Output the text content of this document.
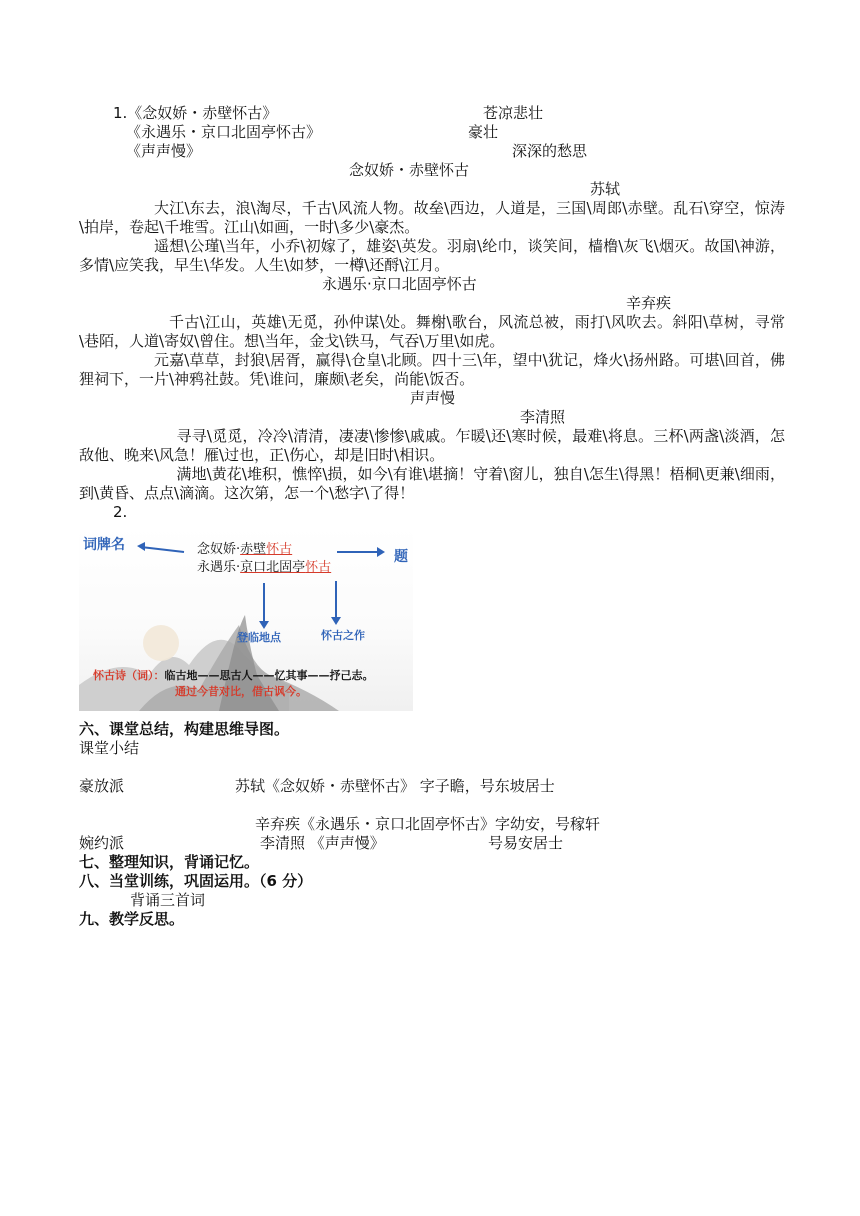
1.《念奴娇・赤壁怀古》	苍凉悲壮
《永遇乐・京口北固亭怀古》	豪壮
《声声慢》	深深的愁思
念奴娇・赤壁怀古
苏轼
大江\东去，浪\淘尽，千古\风流人物。故垒\西边，人道是，三国\周郎\赤壁。乱石\穿空，惊涛\拍岸，卷起\千堆雪。江山\如画，一时\多少\豪杰。
遥想\公瑾\当年，小乔\初嫁了，雄姿\英发。羽扇\纶巾，谈笑间，樯橹\灰飞\烟灭。故国\神游，多情\应笑我，早生\华发。人生\如梦，一樽\还酹\江月。
永遇乐·京口北固亭怀古
辛弃疾
千古\江山，英雄\无觅，孙仲谋\处。舞榭\歌台，风流总被，雨打\风吹去。斜阳\草树，寻常\巷陌，人道\寄奴\曾住。想\当年，金戈\铁马，气吞\万里\如虎。
元嘉\草草，封狼\居胥，赢得\仓皇\北顾。四十三\年，望中\犹记，烽火\扬州路。可堪\回首，佛狸祠下，一片\神鸦社鼓。凭\谁问，廉颇\老矣，尚能\饭否。
声声慢
李清照
寻寻\觅觅，冷冷\清清，凄凄\惨惨\戚戚。乍暖\还\寒时候，最难\将息。三杯\两盏\淡酒，怎敌他、晚来\风急！雁\过也，正\伤心，却是旧时\相识。
满地\黄花\堆积，憔悴\损，如今\有谁\堪摘！守着\窗儿，独自\怎生\得黑！梧桐\更兼\细雨，到\黄昏、点点\滴滴。这次第，怎一个\愁字\了得！
2.
词牌名
题
念奴娇·赤壁怀古
永遇乐·京口北固亭怀古
登临地点	怀古之作
怀古诗（词）：临古地——思古人——忆其事——抒己志。
通过今昔对比，借古讽今。
六、课堂总结，构建思维导图。
课堂小结
豪放派	苏轼《念奴娇・赤壁怀古》 字子瞻，号东坡居士
辛弃疾《永遇乐・京口北固亭怀古》字幼安，号稼轩
婉约派	李清照 《声声慢》	号易安居士
七、整理知识，背诵记忆。
八、当堂训练，巩固运用。（6 分）
背诵三首词
九、教学反思。
